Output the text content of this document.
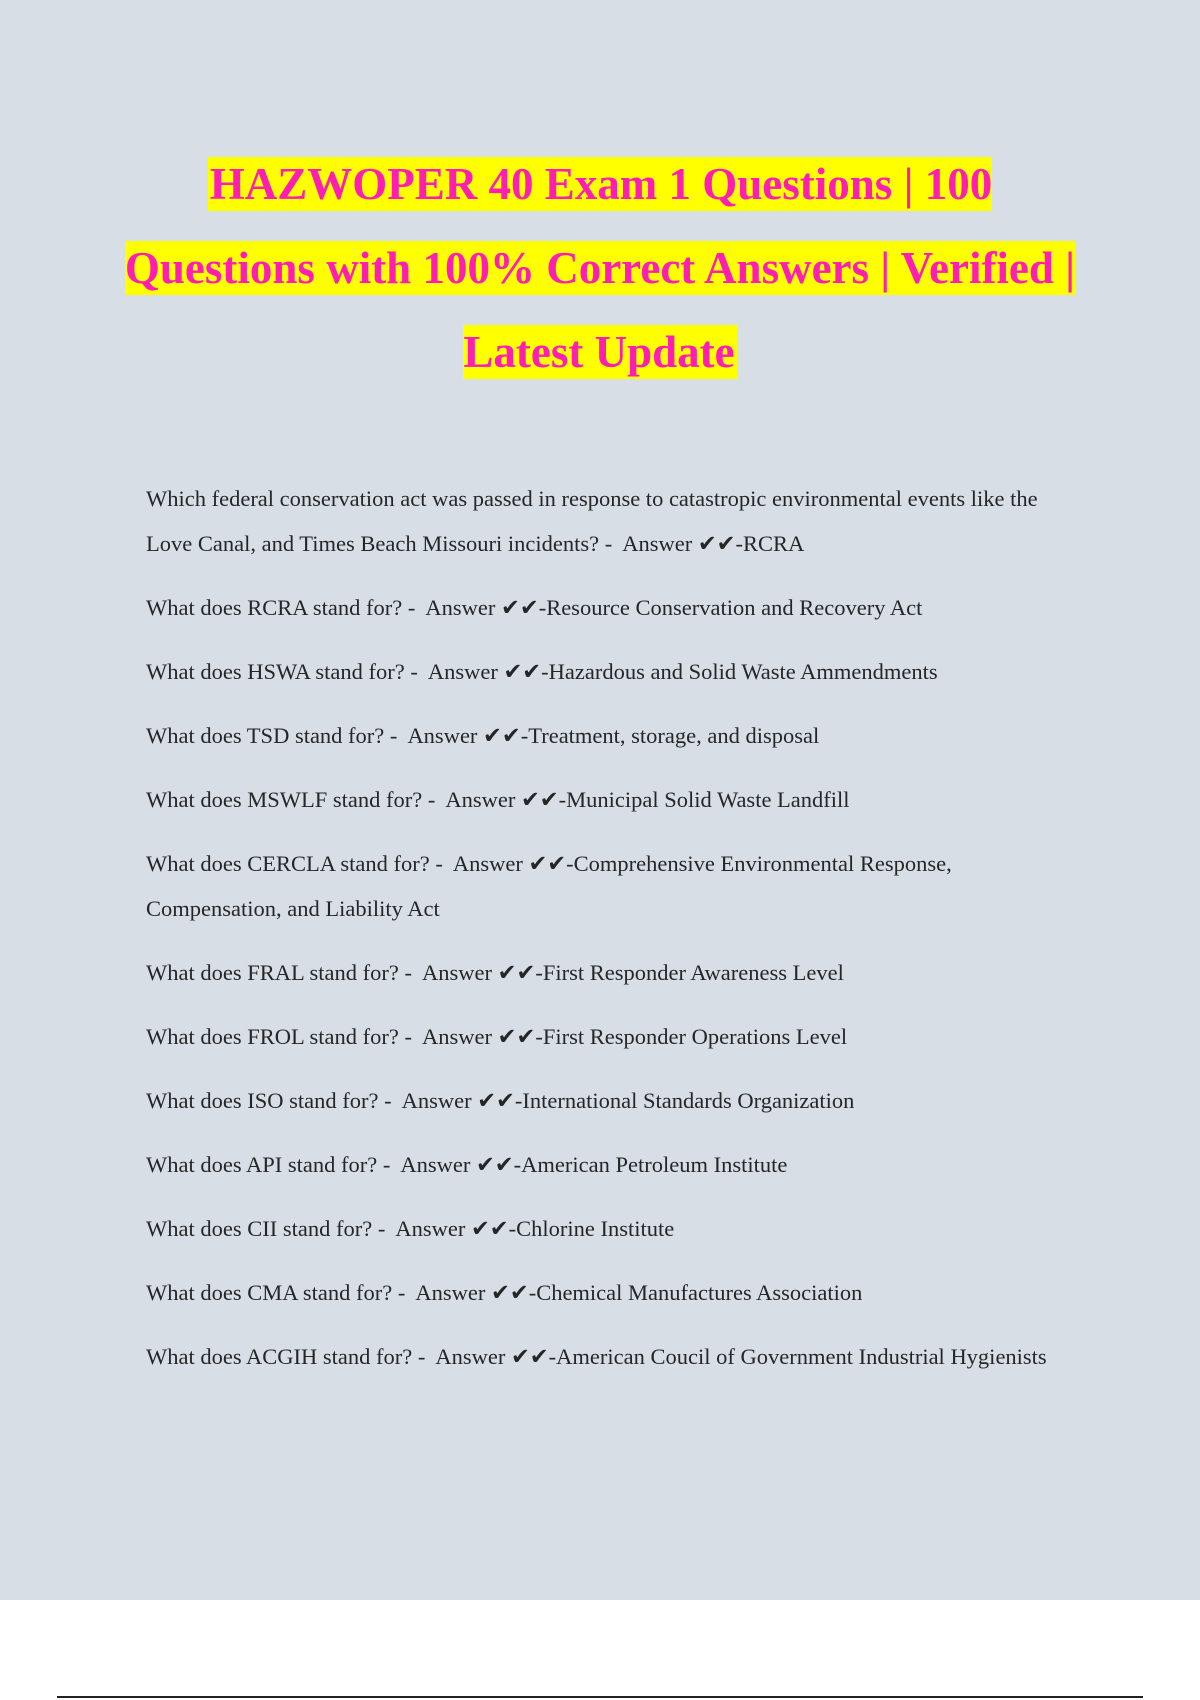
HAZWOPER 40 Exam 1 Questions | 100 Questions with 100% Correct Answers | Verified | Latest Update

Which federal conservation act was passed in response to catastropic environmental events like the Love Canal, and Times Beach Missouri incidents? -  Answer ✔✔-RCRA

What does RCRA stand for? -  Answer ✔✔-Resource Conservation and Recovery Act

What does HSWA stand for? -  Answer ✔✔-Hazardous and Solid Waste Ammendments

What does TSD stand for? -  Answer ✔✔-Treatment, storage, and disposal

What does MSWLF stand for? -  Answer ✔✔-Municipal Solid Waste Landfill

What does CERCLA stand for? -  Answer ✔✔-Comprehensive Environmental Response, Compensation, and Liability Act

What does FRAL stand for? -  Answer ✔✔-First Responder Awareness Level

What does FROL stand for? -  Answer ✔✔-First Responder Operations Level

What does ISO stand for? -  Answer ✔✔-International Standards Organization

What does API stand for? -  Answer ✔✔-American Petroleum Institute

What does CII stand for? -  Answer ✔✔-Chlorine Institute

What does CMA stand for? -  Answer ✔✔-Chemical Manufactures Association

What does ACGIH stand for? -  Answer ✔✔-American Coucil of Government Industrial Hygienists
